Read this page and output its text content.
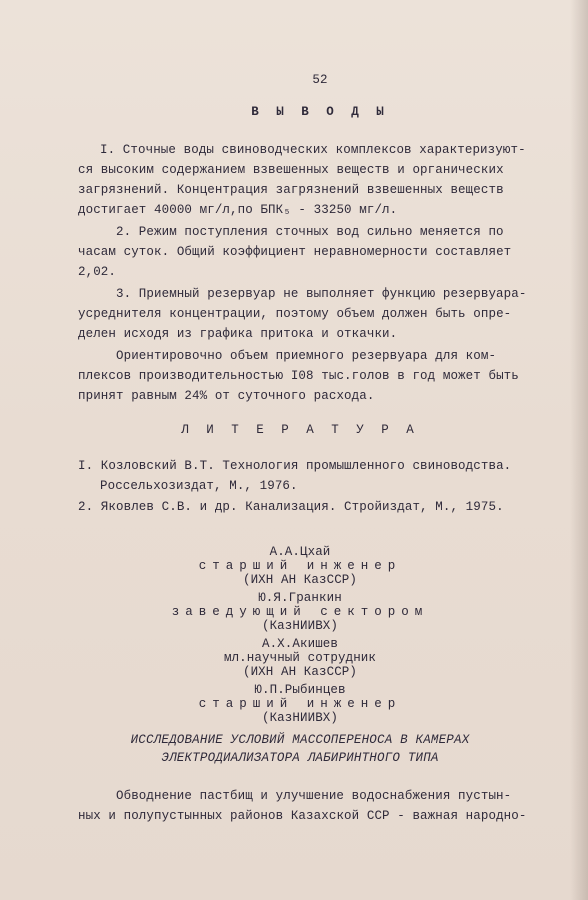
52
В Ы В О Д Ы
I. Сточные воды свиноводческих комплексов характеризуют-
ся высоким содержанием взвешенных веществ и органических
загрязнений. Концентрация загрязнений взвешенных веществ
достигает 40000 мг/л,по БПК₅ - 33250 мг/л.
2. Режим поступления сточных вод сильно меняется по
часам суток. Общий коэффициент неравномерности составляет
2,02.
3. Приемный резервуар не выполняет функцию резервуара-
усреднителя концентрации, поэтому объем должен быть опре-
делен исходя из графика притока и откачки.
Ориентировочно объем приемного резервуара для ком-
плексов производительностью I08 тыс.голов в год может быть
принят равным 24% от суточного расхода.
Л И Т Е Р А Т У Р А
I. Козловский В.Т. Технология промышленного свиноводства.
Россельхозиздат, М., 1976.
2. Яковлев С.В. и др. Канализация. Стройиздат, М., 1975.
А.А.Цхай
старший инженер
(ИХН АН КазССР)
Ю.Я.Гранкин
заведующий сектором
(КазНИИВХ)
А.Х.Акишев
мл.научный сотрудник
(ИХН АН КазССР)
Ю.П.Рыбинцев
старший инженер
(КазНИИВХ)
ИССЛЕДОВАНИЕ УСЛОВИЙ МАССОПЕРЕНОСА В КАМЕРАХ
ЭЛЕКТРОДИАЛИЗАТОРА ЛАБИРИНТНОГО ТИПА
Обводнение пастбищ и улучшение водоснабжения пустын-
ных и полупустынных районов Казахской ССР - важная народно-
